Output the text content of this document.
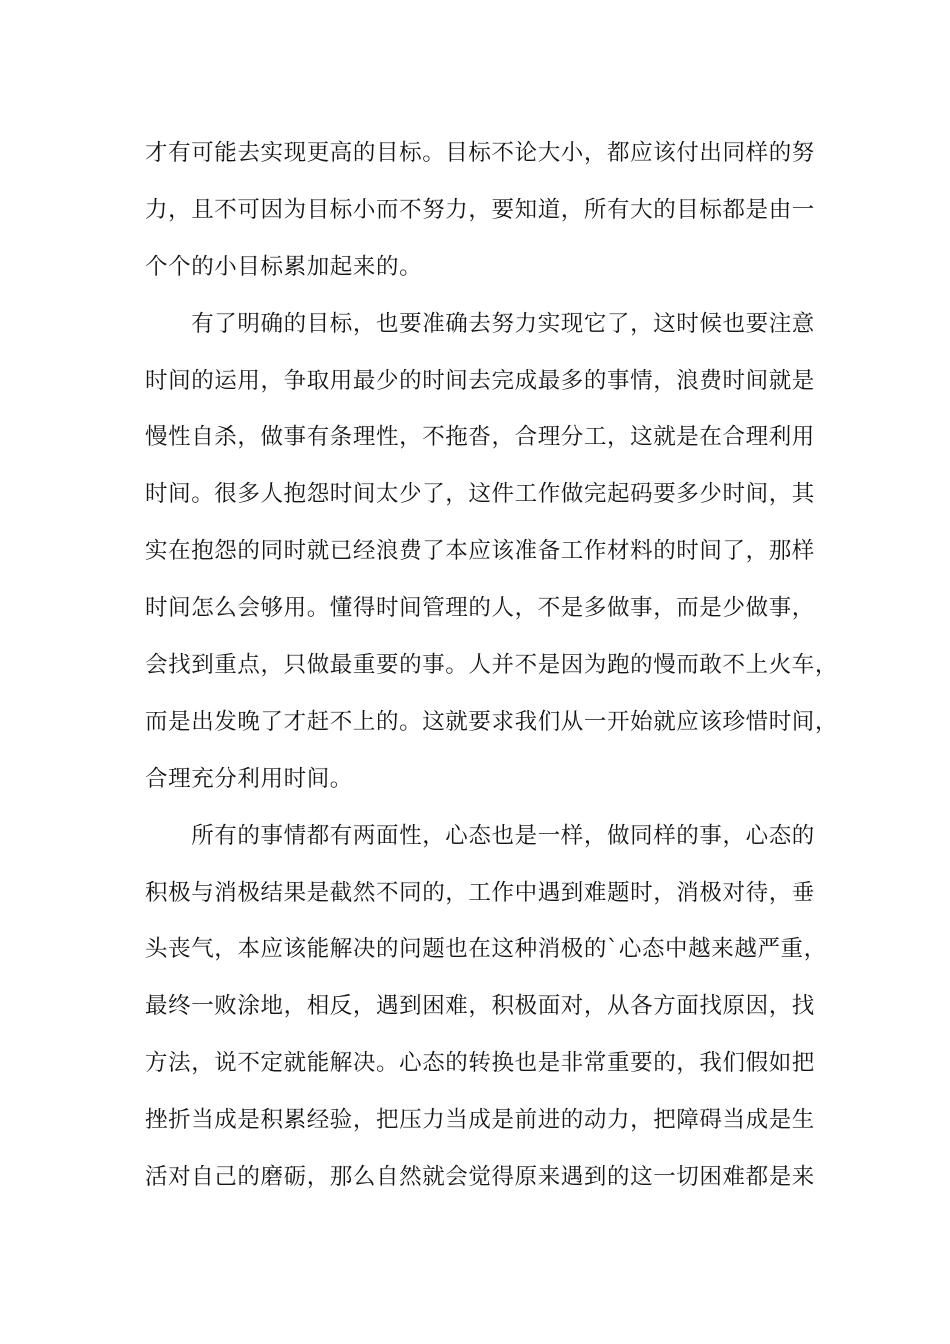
才有可能去实现更高的目标。目标不论大小，都应该付出同样的努
力，且不可因为目标小而不努力，要知道，所有大的目标都是由一
个个的小目标累加起来的。
　　有了明确的目标，也要准确去努力实现它了，这时候也要注意
时间的运用，争取用最少的时间去完成最多的事情，浪费时间就是
慢性自杀，做事有条理性，不拖沓，合理分工，这就是在合理利用
时间。很多人抱怨时间太少了，这件工作做完起码要多少时间，其
实在抱怨的同时就已经浪费了本应该准备工作材料的时间了，那样
时间怎么会够用。懂得时间管理的人，不是多做事，而是少做事，
会找到重点，只做最重要的事。人并不是因为跑的慢而敢不上火车，
而是出发晚了才赶不上的。这就要求我们从一开始就应该珍惜时间，
合理充分利用时间。
　　所有的事情都有两面性，心态也是一样，做同样的事，心态的
积极与消极结果是截然不同的，工作中遇到难题时，消极对待，垂
头丧气，本应该能解决的问题也在这种消极的`心态中越来越严重，
最终一败涂地，相反，遇到困难，积极面对，从各方面找原因，找
方法，说不定就能解决。心态的转换也是非常重要的，我们假如把
挫折当成是积累经验，把压力当成是前进的动力，把障碍当成是生
活对自己的磨砺，那么自然就会觉得原来遇到的这一切困难都是来
